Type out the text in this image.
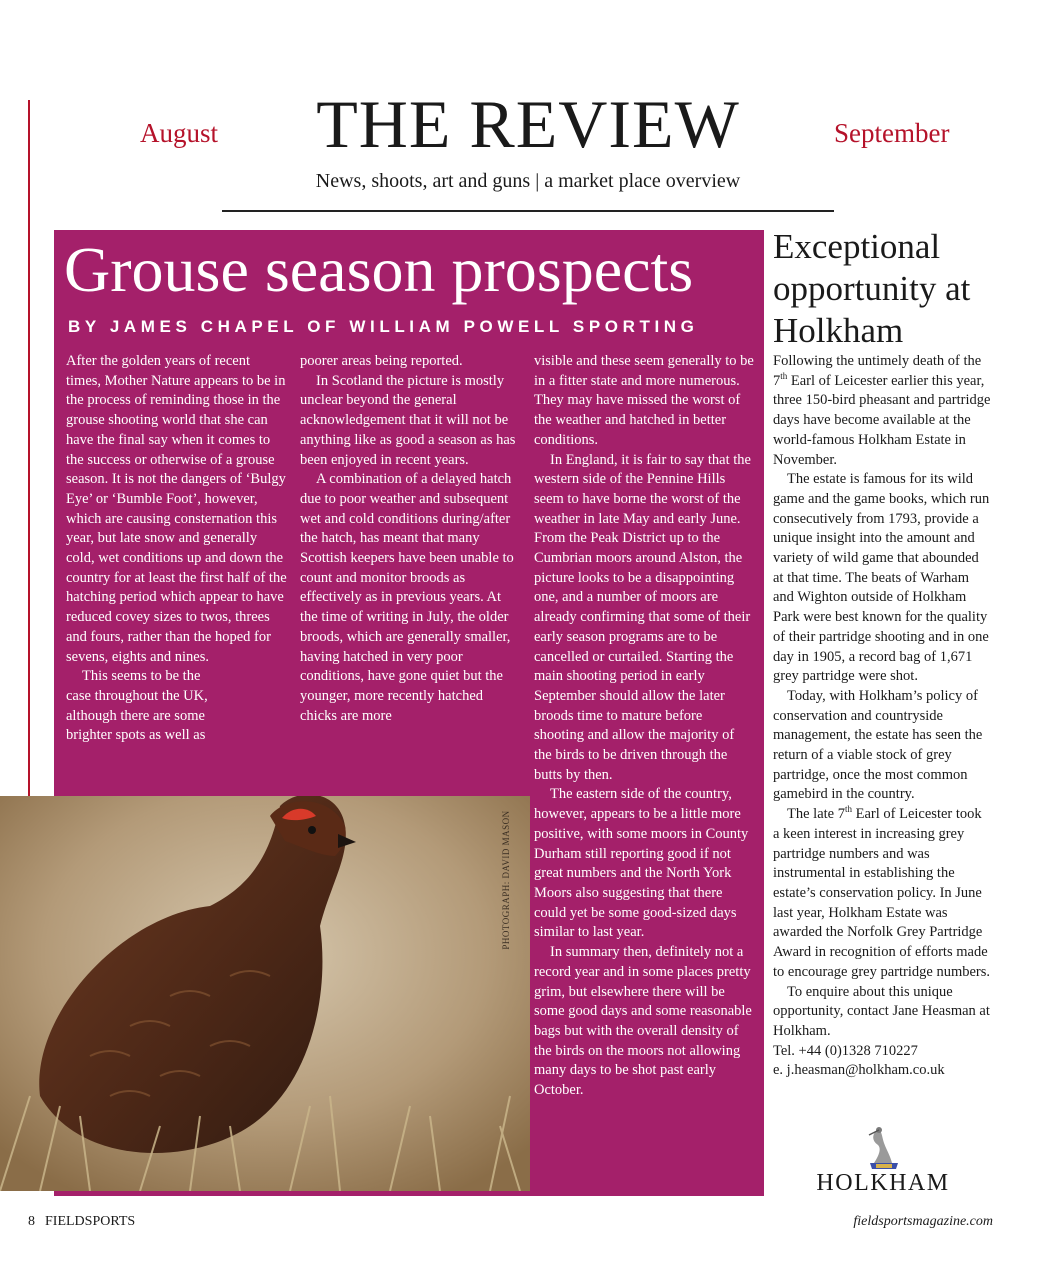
August	THE REVIEW	September
News, shoots, art and guns | a market place overview
Grouse season prospects
BY JAMES CHAPEL OF WILLIAM POWELL SPORTING

After the golden years of recent times, Mother Nature appears to be in the process of reminding those in the grouse shooting world that she can have the final say when it comes to the success or otherwise of a grouse season. It is not the dangers of ‘Bulgy Eye’ or ‘Bumble Foot’, however, which are causing consternation this year, but late snow and generally cold, wet conditions up and down the country for at least the first half of the hatching period which appear to have reduced covey sizes to twos, threes and fours, rather than the hoped for sevens, eights and nines.

This seems to be the case throughout the UK, although there are some brighter spots as well as

poorer areas being reported.

In Scotland the picture is mostly unclear beyond the general acknowledgement that it will not be anything like as good a season as has been enjoyed in recent years.

A combination of a delayed hatch due to poor weather and subsequent wet and cold conditions during/after the hatch, has meant that many Scottish keepers have been unable to count and monitor broods as effectively as in previous years. At the time of writing in July, the older broods, which are generally smaller, having hatched in very poor conditions, have gone quiet but the younger, more recently hatched chicks are more

visible and these seem generally to be in a fitter state and more numerous. They may have missed the worst of the weather and hatched in better conditions.

In England, it is fair to say that the western side of the Pennine Hills seem to have borne the worst of the weather in late May and early June. From the Peak District up to the Cumbrian moors around Alston, the picture looks to be a disappointing one, and a number of moors are already confirming that some of their early season programs are to be cancelled or curtailed. Starting the main shooting period in early September should allow the later broods time to mature before shooting and allow the majority of the birds to be driven through the butts by then.

The eastern side of the country, however, appears to be a little more positive, with some moors in County Durham still reporting good if not great numbers and the North York Moors also suggesting that there could yet be some good-sized days similar to last year.

In summary then, definitely not a record year and in some places pretty grim, but elsewhere there will be some good days and some reasonable bags but with the overall density of the birds on the moors not allowing many days to be shot past early October.

PHOTOGRAPH: DAVID MASON
Exceptional opportunity at Holkham

Following the untimely death of the 7th Earl of Leicester earlier this year, three 150-bird pheasant and partridge days have become available at the world-famous Holkham Estate in November.

The estate is famous for its wild game and the game books, which run consecutively from 1793, provide a unique insight into the amount and variety of wild game that abounded at that time. The beats of Warham and Wighton outside of Holkham Park were best known for the quality of their partridge shooting and in one day in 1905, a record bag of 1,671 grey partridge were shot.

Today, with Holkham’s policy of conservation and countryside management, the estate has seen the return of a viable stock of grey partridge, once the most common gamebird in the country.

The late 7th Earl of Leicester took a keen interest in increasing grey partridge numbers and was instrumental in establishing the estate’s conservation policy. In June last year, Holkham Estate was awarded the Norfolk Grey Partridge Award in recognition of efforts made to encourage grey partridge numbers.

To enquire about this unique opportunity, contact Jane Heasman at Holkham.

Tel. +44 (0)1328 710227

e. j.heasman@holkham.co.uk

HOLKHAM
8 FIELDSPORTS	fieldsportsmagazine.com
